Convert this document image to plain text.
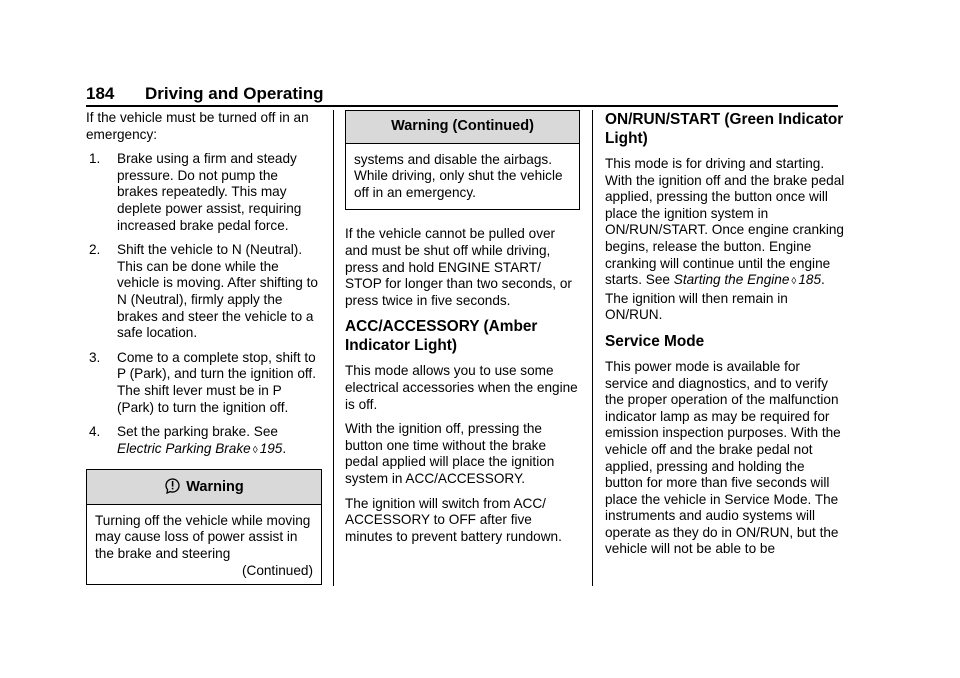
184 Driving and Operating

If the vehicle must be turned off in an emergency:

1. Brake using a firm and steady pressure. Do not pump the brakes repeatedly. This may deplete power assist, requiring increased brake pedal force.
2. Shift the vehicle to N (Neutral). This can be done while the vehicle is moving. After shifting to N (Neutral), firmly apply the brakes and steer the vehicle to a safe location.
3. Come to a complete stop, shift to P (Park), and turn the ignition off. The shift lever must be in P (Park) to turn the ignition off.
4. Set the parking brake. See Electric Parking Brake ◊ 195.
Warning

Turning off the vehicle while moving may cause loss of power assist in the brake and steering

(Continued)
Warning (Continued)

systems and disable the airbags. While driving, only shut the vehicle off in an emergency.

If the vehicle cannot be pulled over and must be shut off while driving, press and hold ENGINE START/ STOP for longer than two seconds, or press twice in five seconds.

ACC/ACCESSORY (Amber Indicator Light)

This mode allows you to use some electrical accessories when the engine is off.

With the ignition off, pressing the button one time without the brake pedal applied will place the ignition system in ACC/ACCESSORY.

The ignition will switch from ACC/ ACCESSORY to OFF after five minutes to prevent battery rundown.

ON/RUN/START (Green Indicator Light)

This mode is for driving and starting. With the ignition off and the brake pedal applied, pressing the button once will place the ignition system in ON/RUN/START. Once engine cranking begins, release the button. Engine cranking will continue until the engine starts. See Starting the Engine ◊ 185. The ignition will then remain in ON/RUN.

Service Mode

This power mode is available for service and diagnostics, and to verify the proper operation of the malfunction indicator lamp as may be required for emission inspection purposes. With the vehicle off and the brake pedal not applied, pressing and holding the button for more than five seconds will place the vehicle in Service Mode. The instruments and audio systems will operate as they do in ON/RUN, but the vehicle will not be able to be
